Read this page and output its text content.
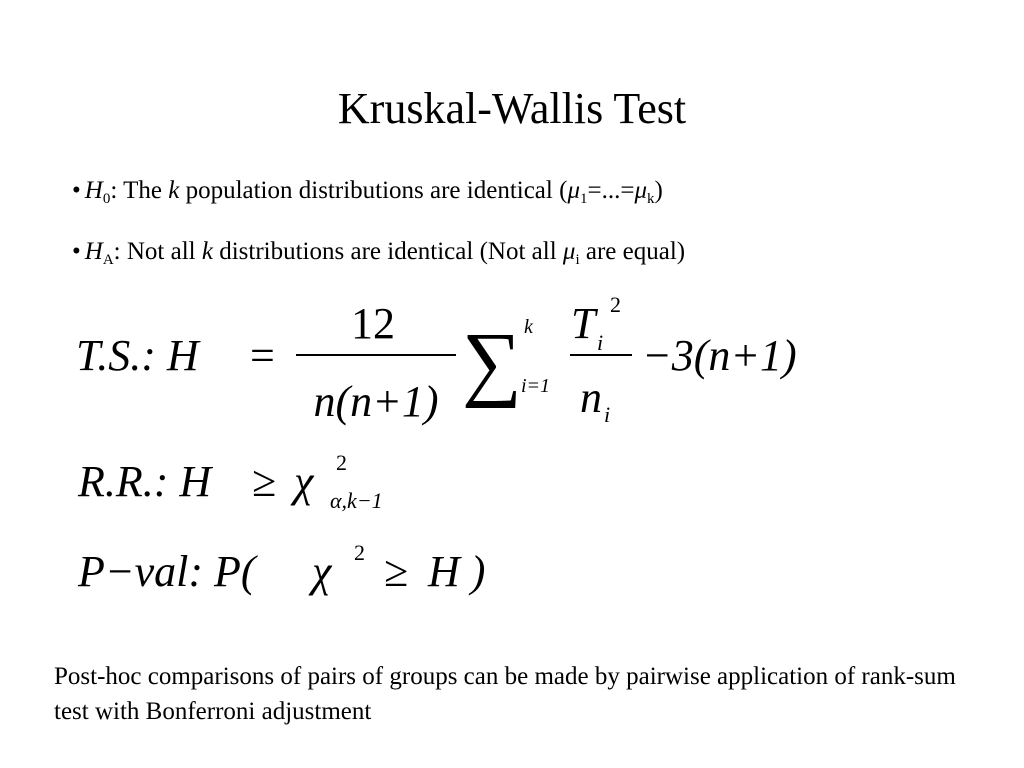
Kruskal-Wallis Test
• $H_0$: The k population distributions are identical $(\mu_1=...=\mu_k)$
• $H_A$: Not all k distributions are identical (Not all $\mu_i$ are equal)
T.S.: H =
12
n(n+1) ∑ k
i=1
T i
2
n i
−3(n+1)
R.R.: H ≥ χ 2
α,k−1
P−val: P( χ 2 ≥ H )
Post-hoc comparisons of pairs of groups can be made by pairwise application of rank-sum test with Bonferroni adjustment
